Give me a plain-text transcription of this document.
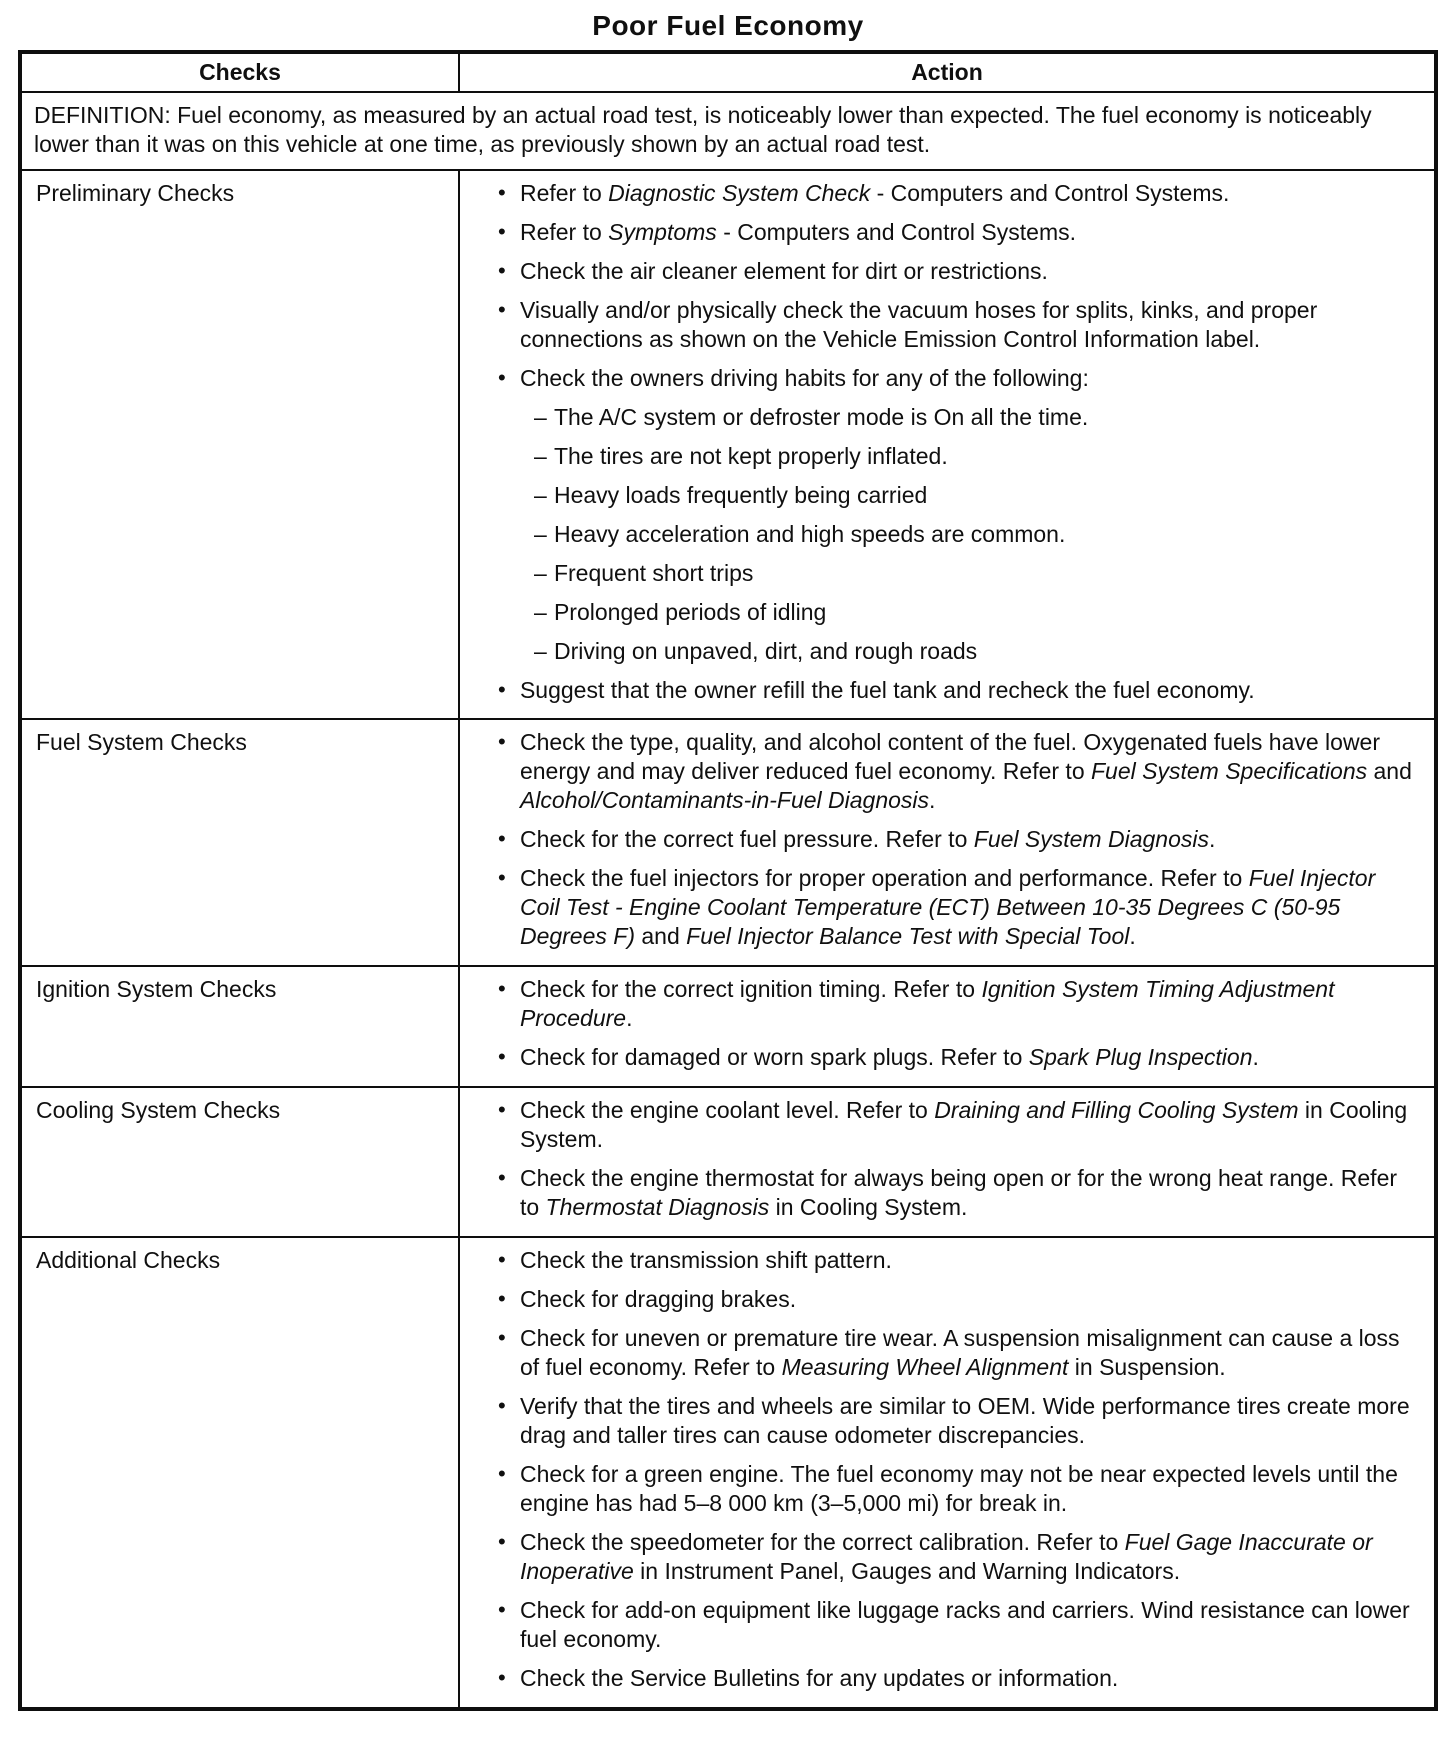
Poor Fuel Economy
Checks	Action
DEFINITION: Fuel economy, as measured by an actual road test, is noticeably lower than expected. The fuel economy is noticeably lower than it was on this vehicle at one time, as previously shown by an actual road test.	
Preliminary Checks	• Refer to Diagnostic System Check - Computers and Control Systems.
• Refer to Symptoms - Computers and Control Systems.
• Check the air cleaner element for dirt or restrictions.
• Visually and/or physically check the vacuum hoses for splits, kinks, and proper connections as shown on the Vehicle Emission Control Information label.
• Check the owners driving habits for any of the following:
– The A/C system or defroster mode is On all the time.
– The tires are not kept properly inflated.
– Heavy loads frequently being carried
– Heavy acceleration and high speeds are common.
– Frequent short trips
– Prolonged periods of idling
– Driving on unpaved, dirt, and rough roads
• Suggest that the owner refill the fuel tank and recheck the fuel economy.

Fuel System Checks	• Check the type, quality, and alcohol content of the fuel. Oxygenated fuels have lower energy and may deliver reduced fuel economy. Refer to Fuel System Specifications and Alcohol/Contaminants-in-Fuel Diagnosis.
• Check for the correct fuel pressure. Refer to Fuel System Diagnosis.
• Check the fuel injectors for proper operation and performance. Refer to Fuel Injector Coil Test - Engine Coolant Temperature (ECT) Between 10-35 Degrees C (50-95 Degrees F) and Fuel Injector Balance Test with Special Tool.

Ignition System Checks	• Check for the correct ignition timing. Refer to Ignition System Timing Adjustment Procedure.
• Check for damaged or worn spark plugs. Refer to Spark Plug Inspection.

Cooling System Checks	• Check the engine coolant level. Refer to Draining and Filling Cooling System in Cooling System.
• Check the engine thermostat for always being open or for the wrong heat range. Refer to Thermostat Diagnosis in Cooling System.

Additional Checks	• Check the transmission shift pattern.
• Check for dragging brakes.
• Check for uneven or premature tire wear. A suspension misalignment can cause a loss of fuel economy. Refer to Measuring Wheel Alignment in Suspension.
• Verify that the tires and wheels are similar to OEM. Wide performance tires create more drag and taller tires can cause odometer discrepancies.
• Check for a green engine. The fuel economy may not be near expected levels until the engine has had 5–8 000 km (3–5,000 mi) for break in.
• Check the speedometer for the correct calibration. Refer to Fuel Gage Inaccurate or Inoperative in Instrument Panel, Gauges and Warning Indicators.
• Check for add-on equipment like luggage racks and carriers. Wind resistance can lower fuel economy.
• Check the Service Bulletins for any updates or information.
